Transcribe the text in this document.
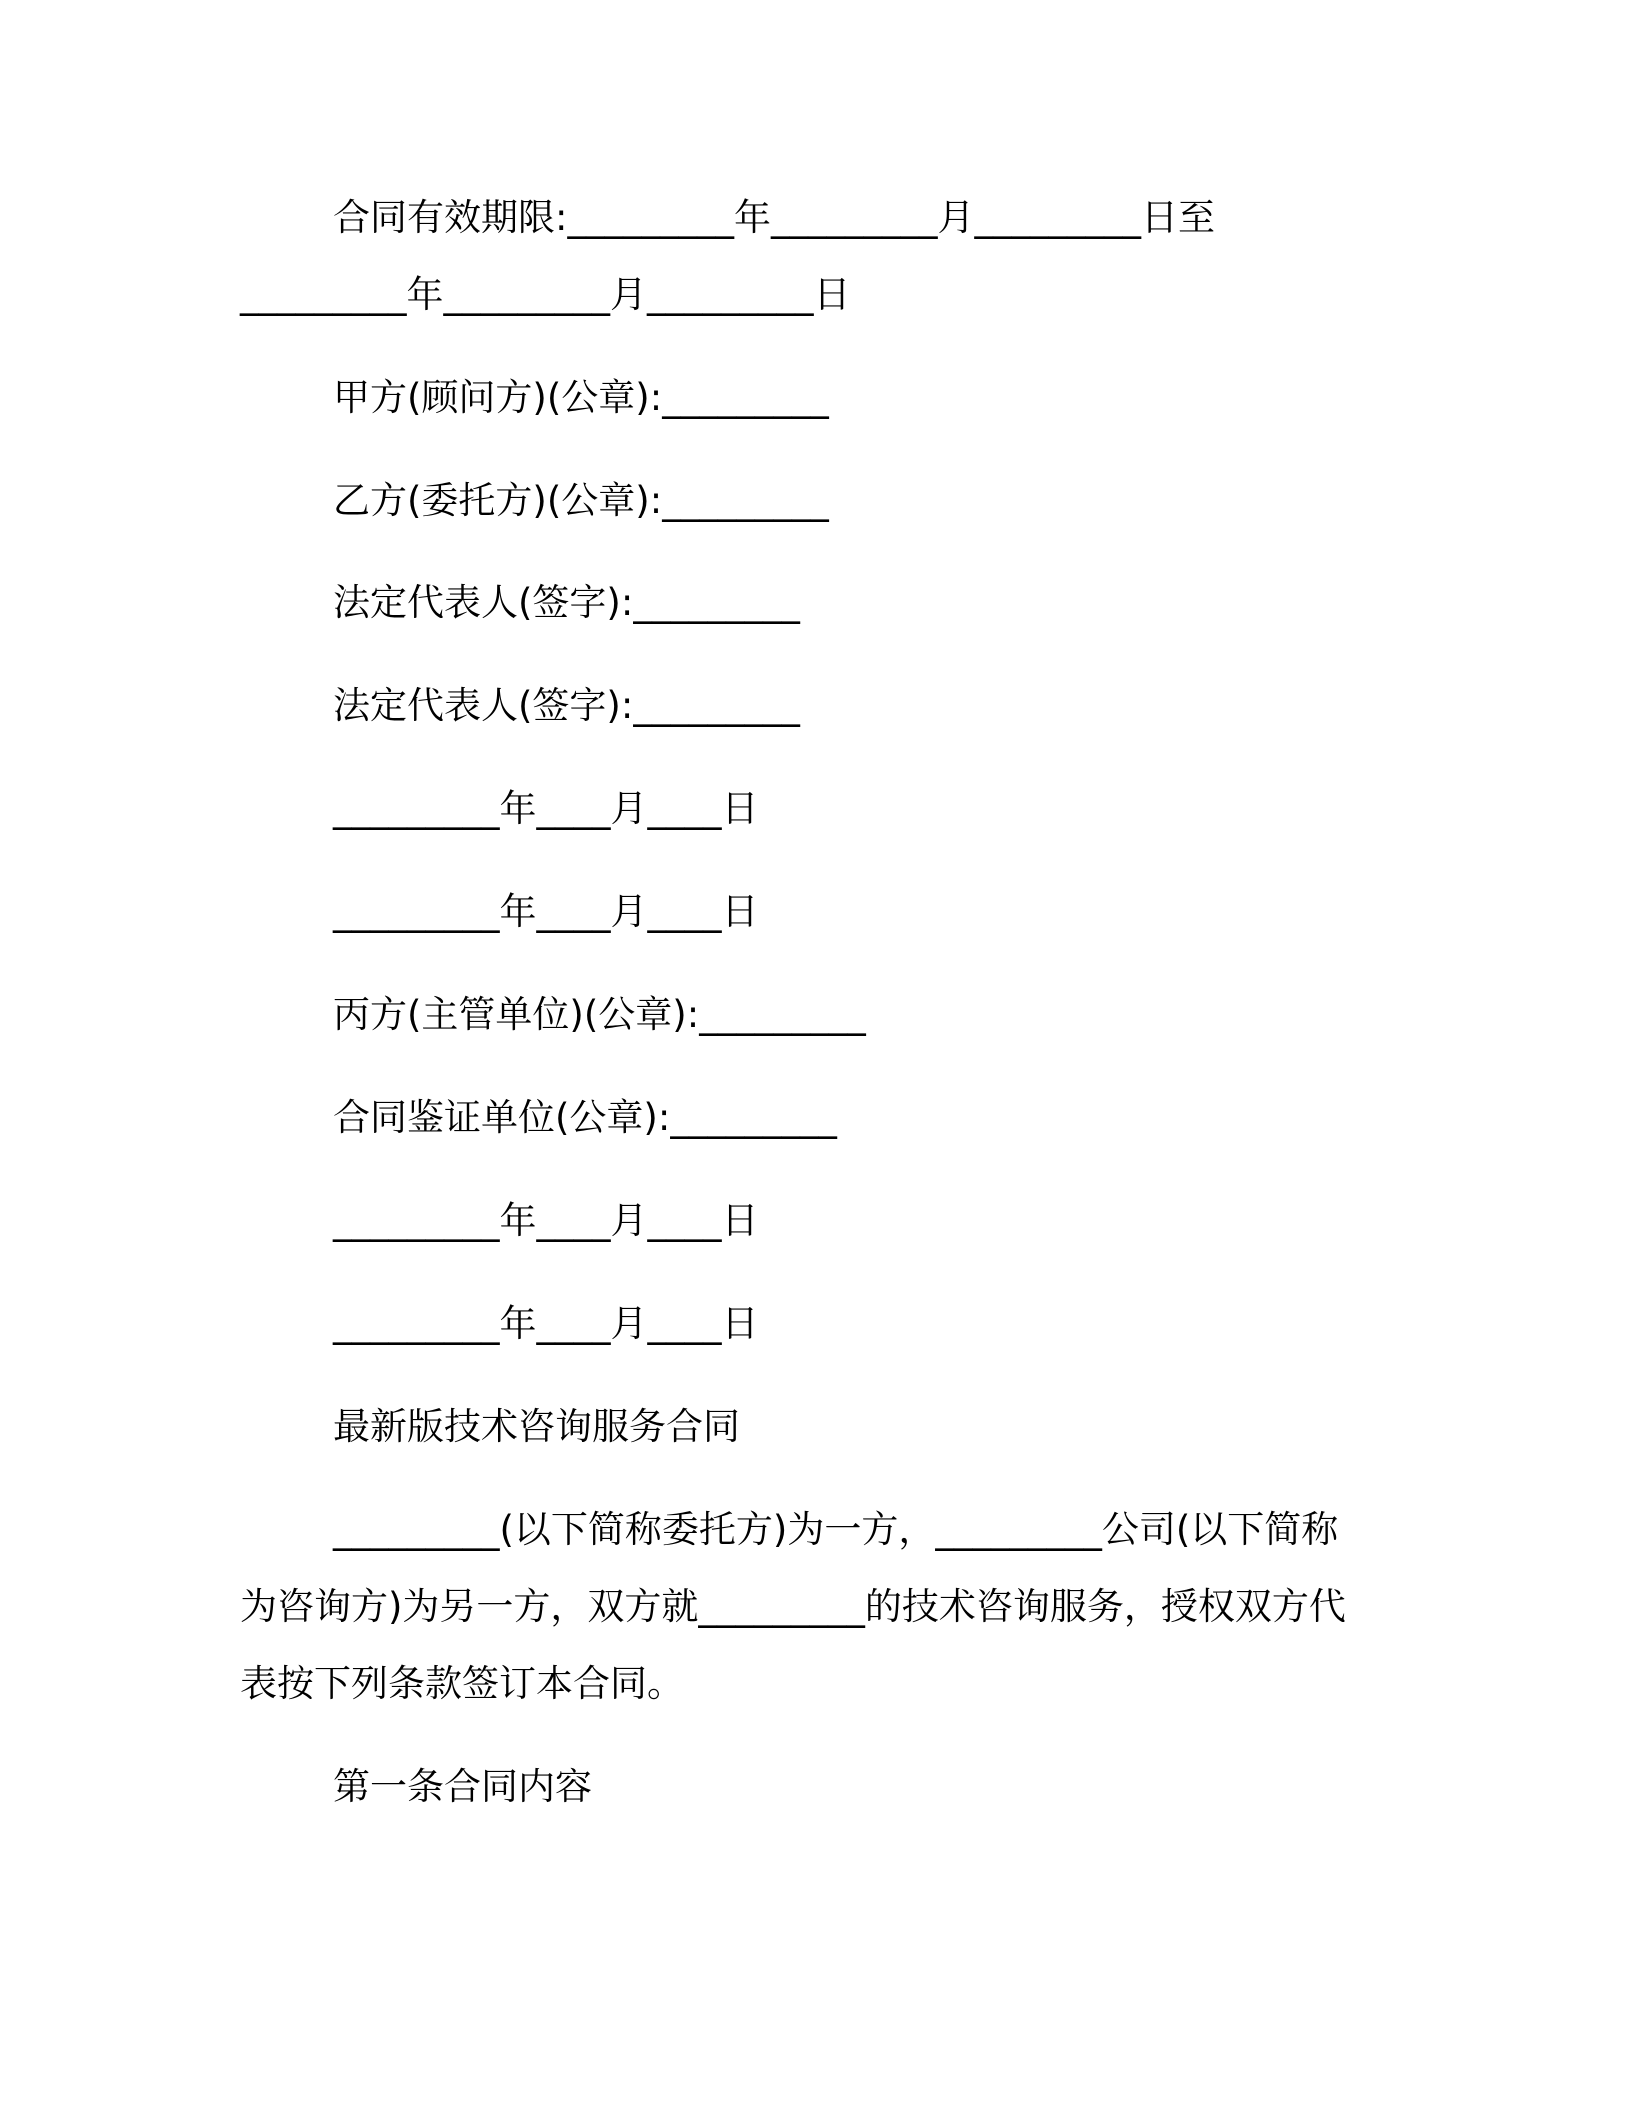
合同有效期限:_________年_________月_________日至
_________年_________月_________日
甲方(顾问方)(公章):_________
乙方(委托方)(公章):_________
法定代表人(签字):_________
法定代表人(签字):_________
_________年____月____日
_________年____月____日
丙方(主管单位)(公章):_________
合同鉴证单位(公章):_________
_________年____月____日
_________年____月____日
最新版技术咨询服务合同
_________(以下简称委托方)为一方，_________公司(以下简称
为咨询方)为另一方，双方就_________的技术咨询服务，授权双方代
表按下列条款签订本合同。
第一条合同内容
